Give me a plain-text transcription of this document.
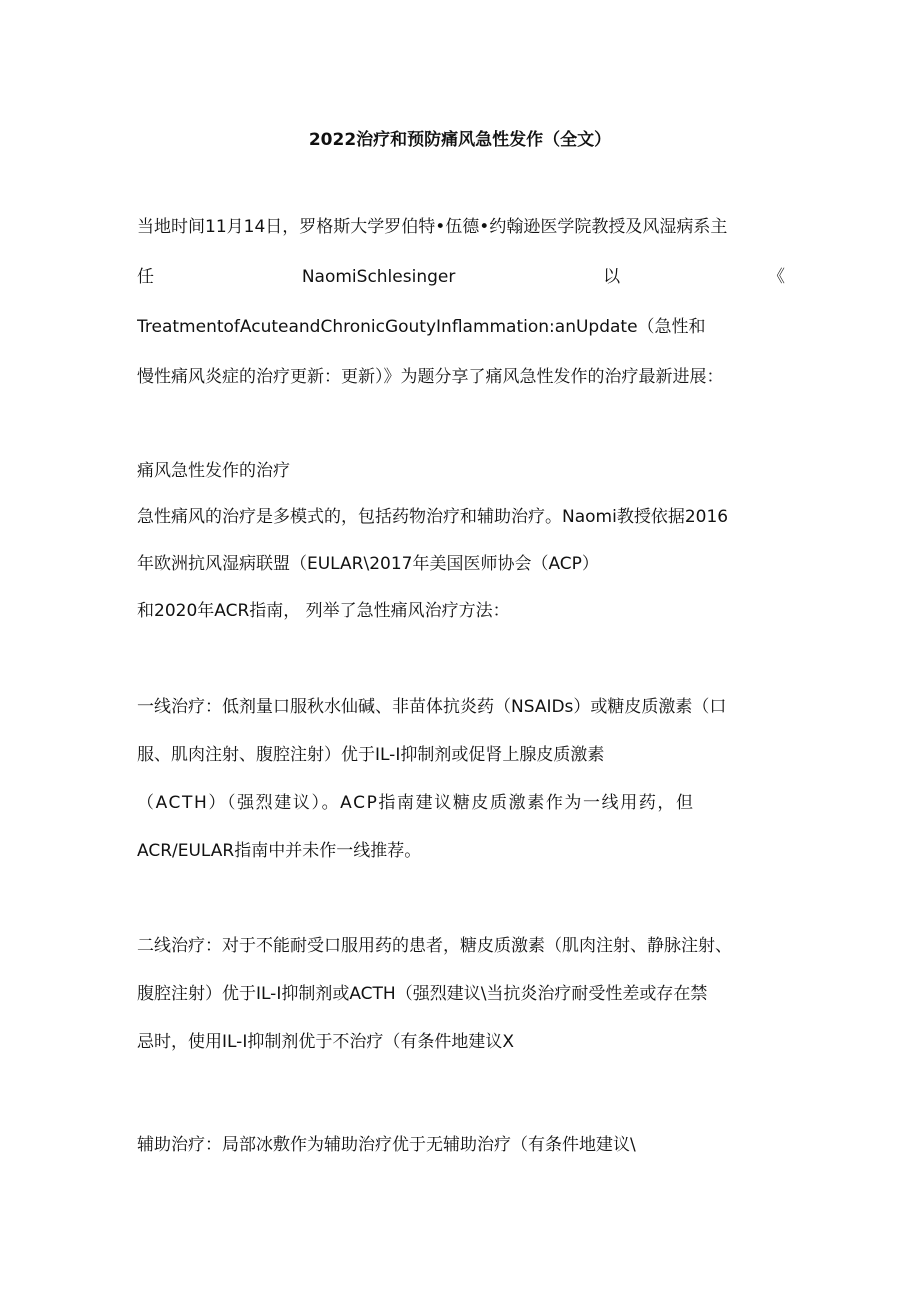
2022治疗和预防痛风急性发作（全文）
当地时间11月14日，罗格斯大学罗伯特•伍德•约翰逊医学院教授及风湿病系主
任	NaomiSchlesinger	以	《
TreatmentofAcuteandChronicGoutyInflammation:anUpdate（急性和
慢性痛风炎症的治疗更新：更新）》为题分享了痛风急性发作的治疗最新进展：
痛风急性发作的治疗
急性痛风的治疗是多模式的，包括药物治疗和辅助治疗。Naomi教授依据2016
年欧洲抗风湿病联盟（EULAR\2017年美国医师协会（ACP）
和2020年ACR指南， 列举了急性痛风治疗方法：
一线治疗：低剂量口服秋水仙碱、非苗体抗炎药（NSAIDs）或糖皮质激素（口
服、肌肉注射、腹腔注射）优于IL-I抑制剂或促肾上腺皮质激素
（ACTH）（强烈建议）。ACP指南建议糖皮质激素作为一线用药，但
ACR/EULAR指南中并未作一线推荐。
二线治疗：对于不能耐受口服用药的患者，糖皮质激素（肌肉注射、静脉注射、
腹腔注射）优于IL-I抑制剂或ACTH（强烈建议\当抗炎治疗耐受性差或存在禁
忌时，使用IL-I抑制剂优于不治疗（有条件地建议X
辅助治疗：局部冰敷作为辅助治疗优于无辅助治疗（有条件地建议\
